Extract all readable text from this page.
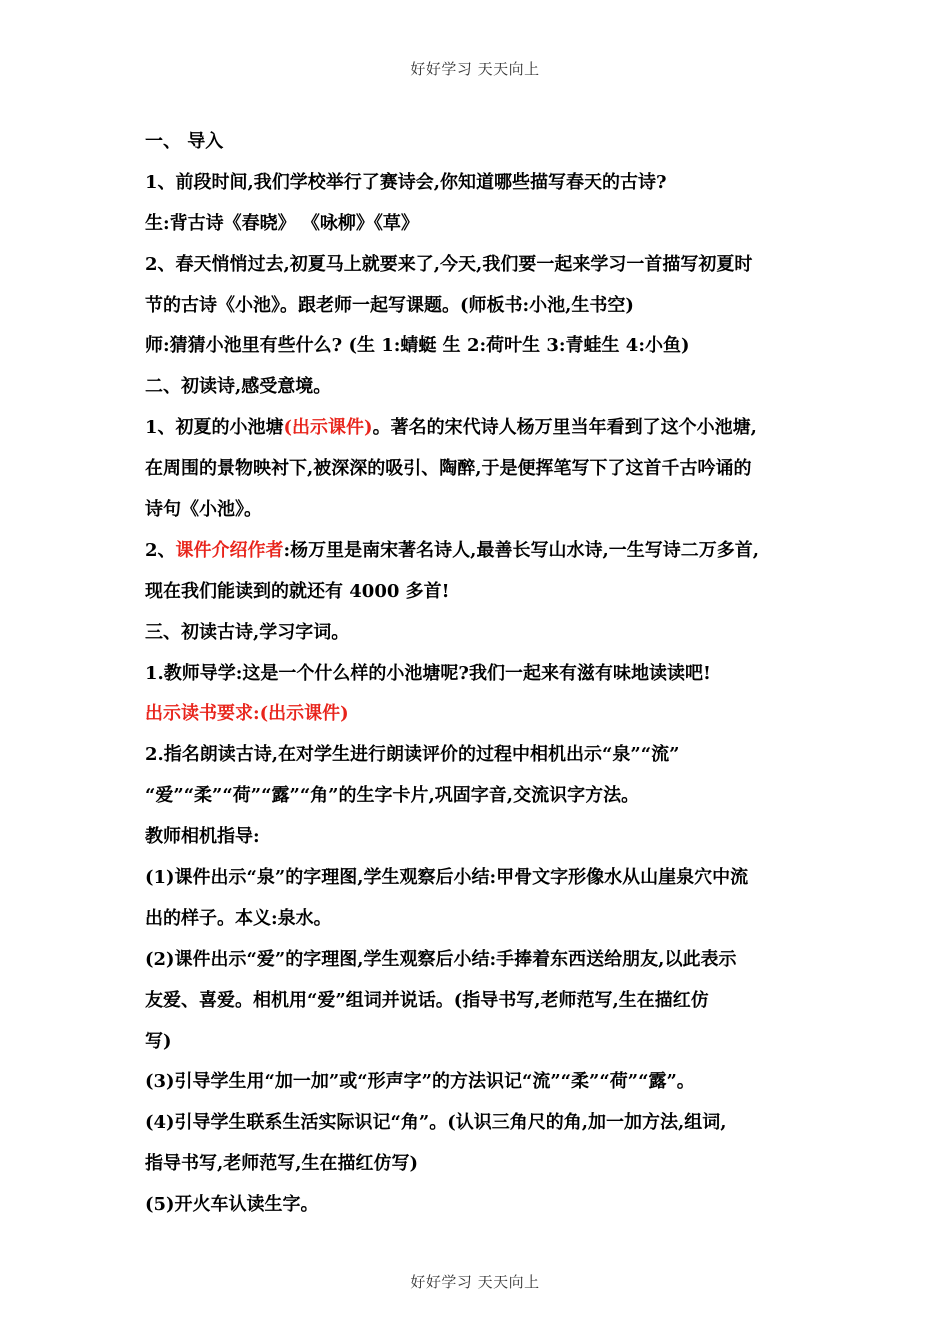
好好学习 天天向上
一、 导入
1、前段时间,我们学校举行了赛诗会,你知道哪些描写春天的古诗?
生:背古诗《春晓》 《咏柳》《草》
2、春天悄悄过去,初夏马上就要来了,今天,我们要一起来学习一首描写初夏时
节的古诗《小池》。跟老师一起写课题。(师板书:小池,生书空)
师:猜猜小池里有些什么? (生 1:蜻蜓 生 2:荷叶生 3:青蛙生 4:小鱼)
二、初读诗,感受意境。
1、初夏的小池塘(出示课件)。著名的宋代诗人杨万里当年看到了这个小池塘,
在周围的景物映衬下,被深深的吸引、陶醉,于是便挥笔写下了这首千古吟诵的
诗句《小池》。
2、课件介绍作者:杨万里是南宋著名诗人,最善长写山水诗,一生写诗二万多首,
现在我们能读到的就还有 4000 多首!
三、初读古诗,学习字词。
1.教师导学:这是一个什么样的小池塘呢?我们一起来有滋有味地读读吧!
出示读书要求:(出示课件)
2.指名朗读古诗,在对学生进行朗读评价的过程中相机出示“泉”“流”
“爱”“柔”“荷”“露”“角”的生字卡片,巩固字音,交流识字方法。
教师相机指导:
(1)课件出示“泉”的字理图,学生观察后小结:甲骨文字形像水从山崖泉穴中流
出的样子。本义:泉水。
(2)课件出示“爱”的字理图,学生观察后小结:手捧着东西送给朋友,以此表示
友爱、喜爱。相机用“爱”组词并说话。(指导书写,老师范写,生在描红仿
写)
(3)引导学生用“加一加”或“形声字”的方法识记“流”“柔”“荷”“露”。
(4)引导学生联系生活实际识记“角”。(认识三角尺的角,加一加方法,组词,
指导书写,老师范写,生在描红仿写)
(5)开火车认读生字。
好好学习 天天向上
